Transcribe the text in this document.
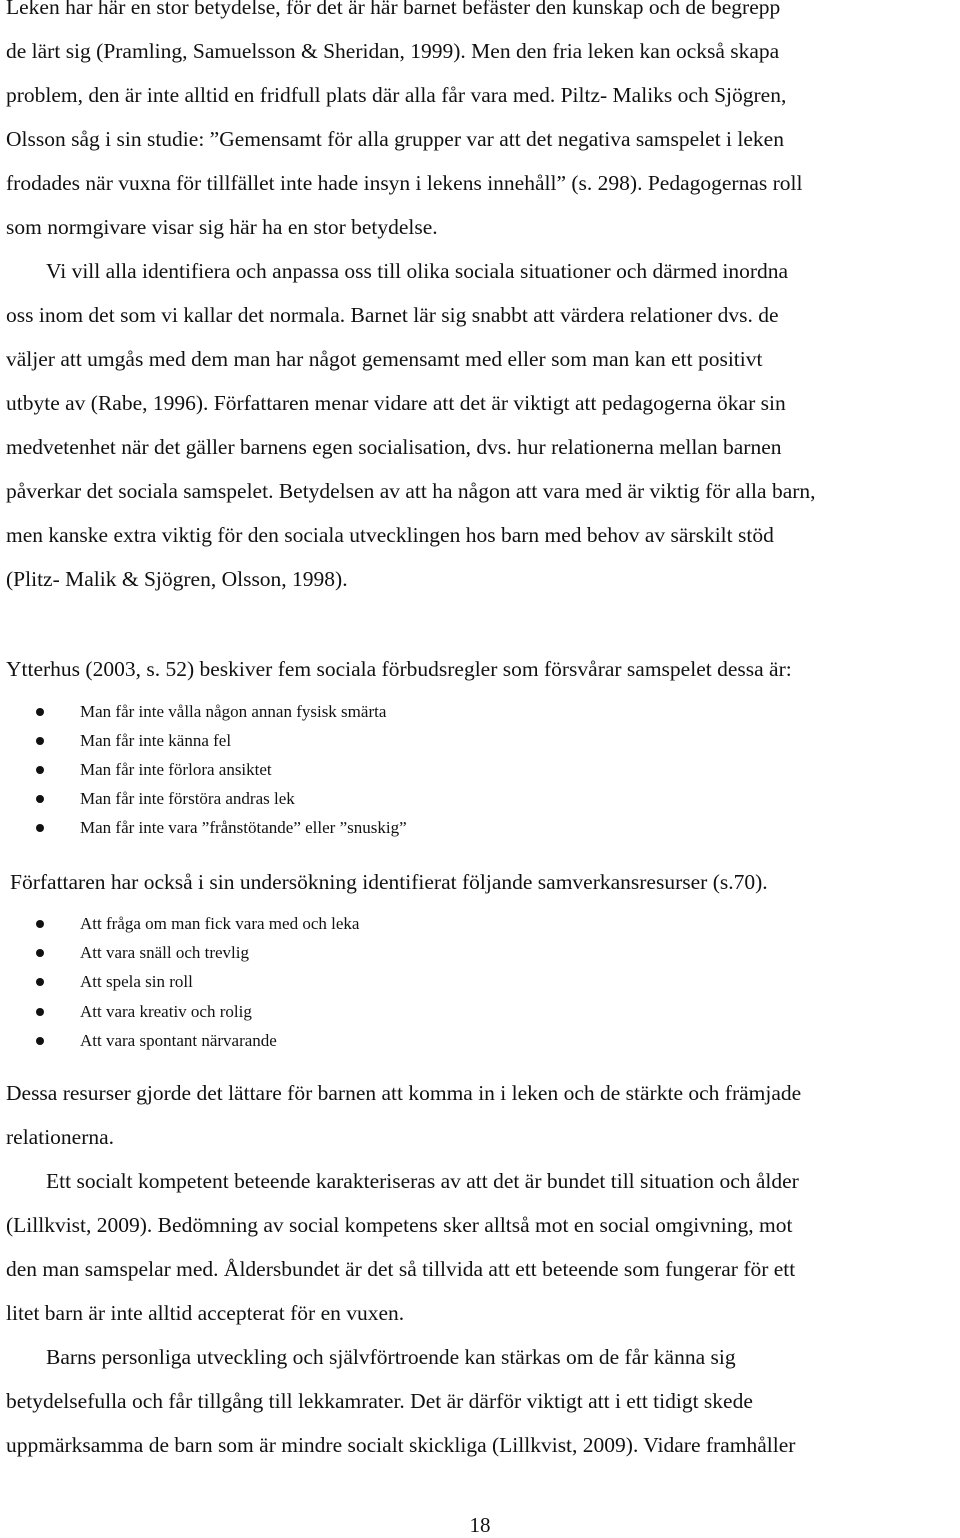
Leken har här en stor betydelse, för det är här barnet befäster den kunskap och de begrepp
de lärt sig (Pramling, Samuelsson & Sheridan, 1999). Men den fria leken kan också skapa
problem, den är inte alltid en fridfull plats där alla får vara med. Piltz- Maliks och Sjögren,
Olsson såg i sin studie: ”Gemensamt för alla grupper var att det negativa samspelet i leken
frodades när vuxna för tillfället inte hade insyn i lekens innehåll” (s. 298). Pedagogernas roll
som normgivare visar sig här ha en stor betydelse.
Vi vill alla identifiera och anpassa oss till olika sociala situationer och därmed inordna
oss inom det som vi kallar det normala. Barnet lär sig snabbt att värdera relationer dvs. de
väljer att umgås med dem man har något gemensamt med eller som man kan ett positivt
utbyte av (Rabe, 1996). Författaren menar vidare att det är viktigt att pedagogerna ökar sin
medvetenhet när det gäller barnens egen socialisation, dvs. hur relationerna mellan barnen
påverkar det sociala samspelet. Betydelsen av att ha någon att vara med är viktig för alla barn,
men kanske extra viktig för den sociala utvecklingen hos barn med behov av särskilt stöd
(Plitz- Malik & Sjögren, Olsson, 1998).
Ytterhus (2003, s. 52) beskiver fem sociala förbudsregler som försvårar samspelet dessa är:
Man får inte vålla någon annan fysisk smärta
Man får inte känna fel
Man får inte förlora ansiktet
Man får inte förstöra andras lek
Man får inte vara ”frånstötande” eller ”snuskig”
Författaren har också i sin undersökning identifierat följande samverkansresurser (s.70).
Att fråga om man fick vara med och leka
Att vara snäll och trevlig
Att spela sin roll
Att vara kreativ och rolig
Att vara spontant närvarande
Dessa resurser gjorde det lättare för barnen att komma in i leken och de stärkte och främjade
relationerna.
Ett socialt kompetent beteende karakteriseras av att det är bundet till situation och ålder
(Lillkvist, 2009). Bedömning av social kompetens sker alltså mot en social omgivning, mot
den man samspelar med. Åldersbundet är det så tillvida att ett beteende som fungerar för ett
litet barn är inte alltid accepterat för en vuxen.
Barns personliga utveckling och självförtroende kan stärkas om de får känna sig
betydelsefulla och får tillgång till lekkamrater. Det är därför viktigt att i ett tidigt skede
uppmärksamma de barn som är mindre socialt skickliga (Lillkvist, 2009). Vidare framhåller
18
